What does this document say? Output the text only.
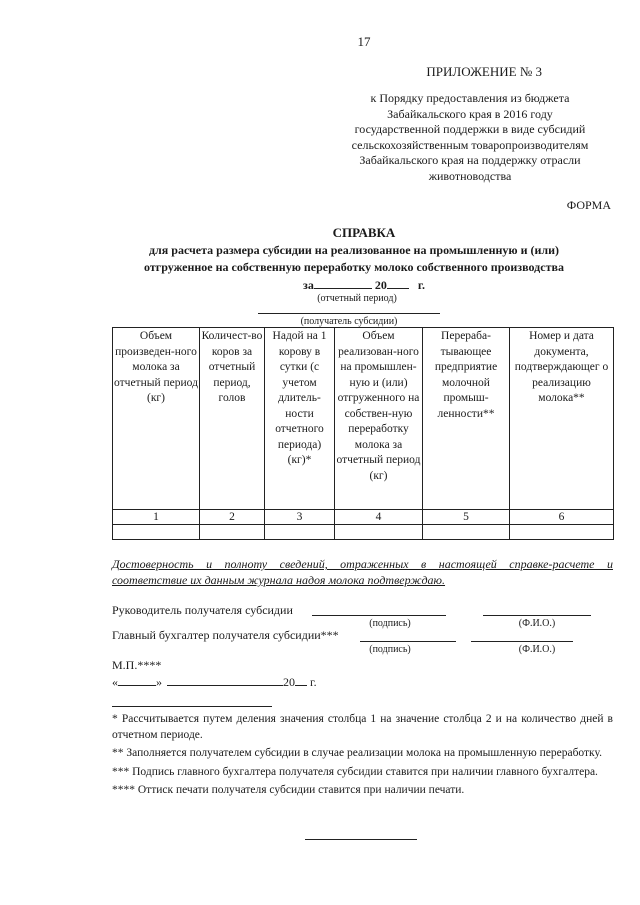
17
ПРИЛОЖЕНИЕ № 3
к Порядку предоставления из бюджета
Забайкальского края в 2016 году
государственной поддержки в виде субсидий
сельскохозяйственным товаропроизводителям
Забайкальского края на поддержку отрасли
животноводства
ФОРМА
СПРАВКА
для расчета размера субсидии на реализованное на промышленную и (или)
отгруженное на собственную переработку молоко собственного производства
за	20	г.
(отчетный период)
(получатель субсидии)
Объем произведен-ного молока за отчетный период (кг)	Количест-во коров за отчетный период, голов	Надой на 1 корову в сутки (с учетом длитель-ности отчетного периода) (кг)*	Объем реализован-ного на промышлен-ную и (или) отгруженного на собствен-ную переработку молока за отчетный период (кг)	Перераба-тывающее предприятие молочной промыш-ленности**	Номер и дата документа, подтверждающег о реализацию молока**
1	2	3	4	5	6

Достоверность и полноту сведений, отраженных в настоящей справке-расчете и соответствие их данным журнала надоя молока подтверждаю.
Руководитель получателя субсидии
(подпись)	(Ф.И.О.)
Главный бухгалтер получателя субсидии***
(подпись)	(Ф.И.О.)
М.П.****
«	»	20 г.

* Рассчитывается путем деления значения столбца 1 на значение столбца 2 и на количество дней в отчетном периоде.

** Заполняется получателем субсидии в случае реализации молока на промышленную переработку.

*** Подпись главного бухгалтера получателя субсидии ставится при наличии главного бухгалтера.

**** Оттиск печати получателя субсидии ставится при наличии печати.
